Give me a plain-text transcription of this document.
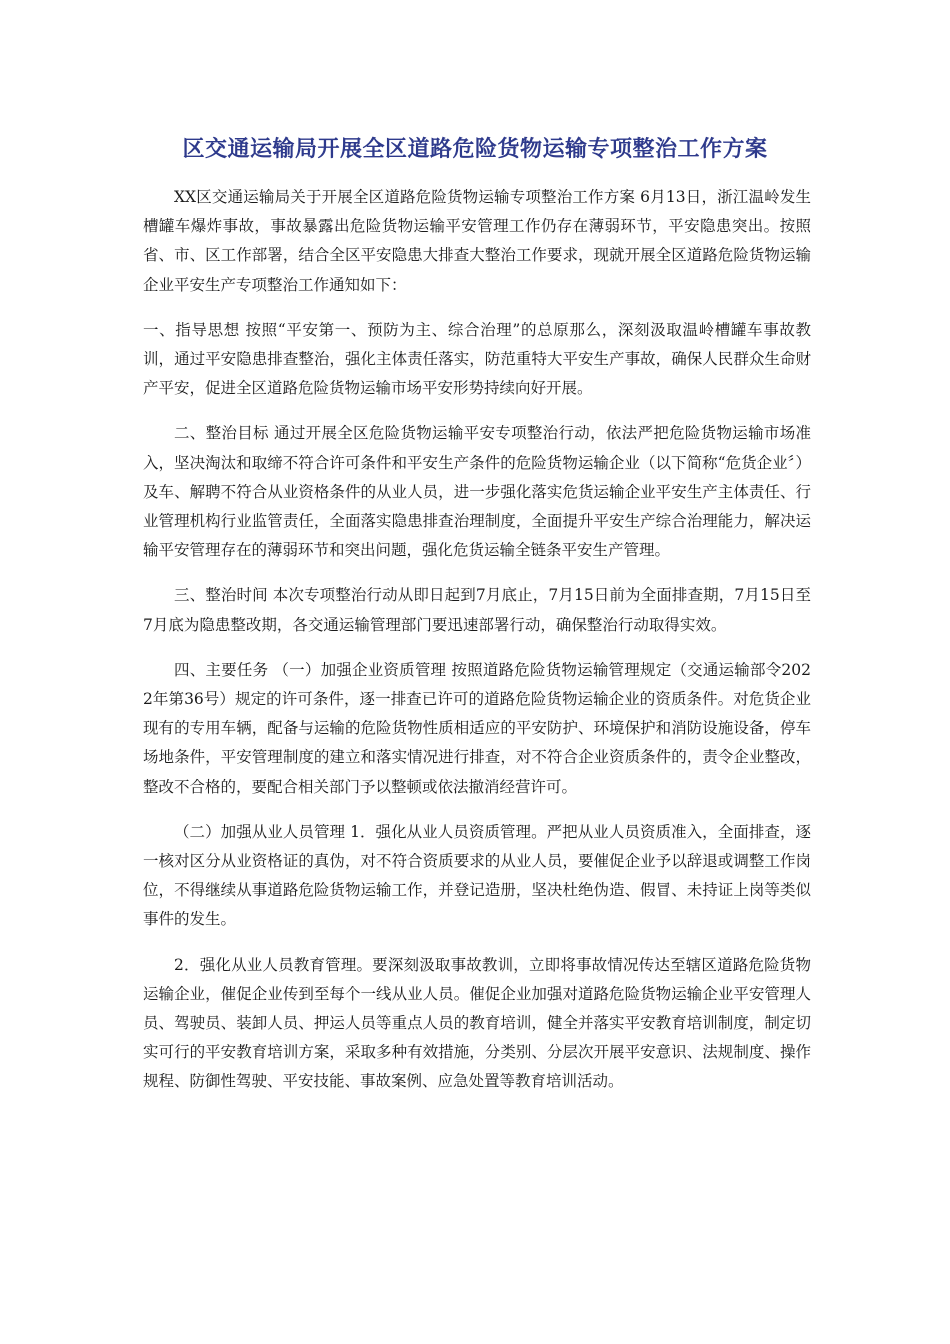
区交通运输局开展全区道路危险货物运输专项整治工作方案

XX区交通运输局关于开展全区道路危险货物运输专项整治工作方案 6月13日，浙江温岭发生槽罐车爆炸事故，事故暴露出危险货物运输平安管理工作仍存在薄弱环节，平安隐患突出。按照省、市、区工作部署，结合全区平安隐患大排查大整治工作要求，现就开展全区道路危险货物运输企业平安生产专项整治工作通知如下：

一、指导思想 按照“平安第一、预防为主、综合治理”的总原那么，深刻汲取温岭槽罐车事故教训，通过平安隐患排查整治，强化主体责任落实，防范重特大平安生产事故，确保人民群众生命财产平安，促进全区道路危险货物运输市场平安形势持续向好开展。

二、整治目标 通过开展全区危险货物运输平安专项整治行动，依法严把危险货物运输市场准入，坚决淘汰和取缔不符合许可条件和平安生产条件的危险货物运输企业（以下简称“危货企业〞）及车、解聘不符合从业资格条件的从业人员，进一步强化落实危货运输企业平安生产主体责任、行业管理机构行业监管责任，全面落实隐患排查治理制度，全面提升平安生产综合治理能力，解决运输平安管理存在的薄弱环节和突出问题，强化危货运输全链条平安生产管理。

三、整治时间 本次专项整治行动从即日起到7月底止，7月15日前为全面排查期，7月15日至7月底为隐患整改期，各交通运输管理部门要迅速部署行动，确保整治行动取得实效。

四、主要任务 （一）加强企业资质管理 按照道路危险货物运输管理规定（交通运输部令2022年第36号）规定的许可条件，逐一排查已许可的道路危险货物运输企业的资质条件。对危货企业现有的专用车辆，配备与运输的危险货物性质相适应的平安防护、环境保护和消防设施设备，停车场地条件，平安管理制度的建立和落实情况进行排查，对不符合企业资质条件的，责令企业整改，整改不合格的，要配合相关部门予以整顿或依法撤消经营许可。

（二）加强从业人员管理 1．强化从业人员资质管理。严把从业人员资质准入，全面排查，逐一核对区分从业资格证的真伪，对不符合资质要求的从业人员，要催促企业予以辞退或调整工作岗位，不得继续从事道路危险货物运输工作，并登记造册，坚决杜绝伪造、假冒、未持证上岗等类似事件的发生。

2．强化从业人员教育管理。要深刻汲取事故教训，立即将事故情况传达至辖区道路危险货物运输企业，催促企业传到至每个一线从业人员。催促企业加强对道路危险货物运输企业平安管理人员、驾驶员、装卸人员、押运人员等重点人员的教育培训，健全并落实平安教育培训制度，制定切实可行的平安教育培训方案，采取多种有效措施，分类别、分层次开展平安意识、法规制度、操作规程、防御性驾驶、平安技能、事故案例、应急处置等教育培训活动。
